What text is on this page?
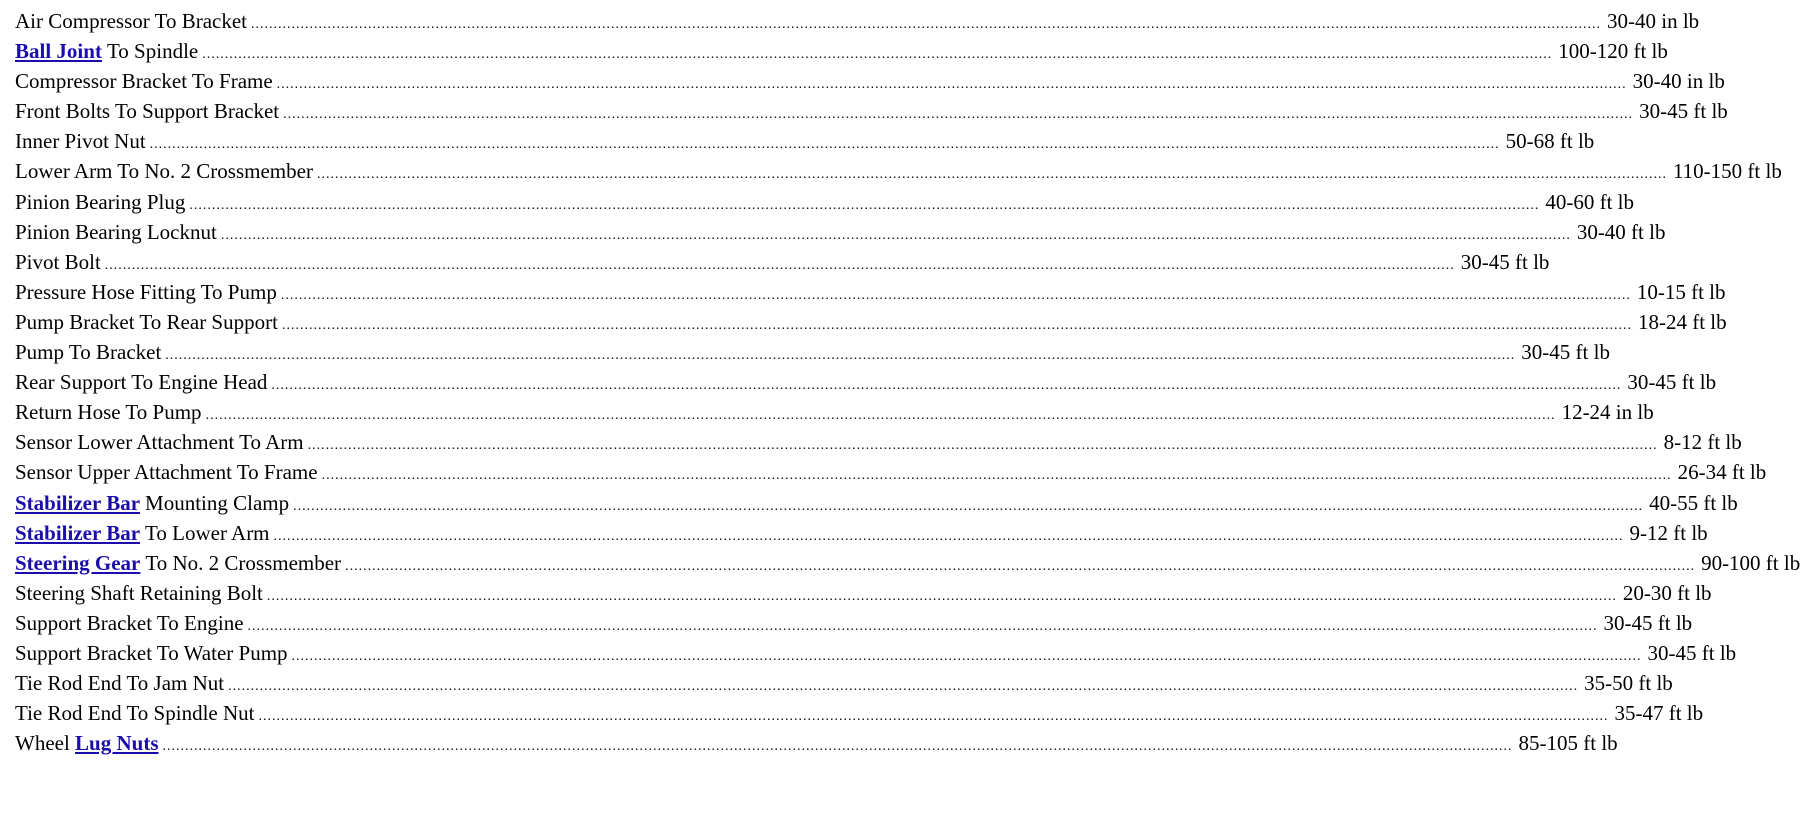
Air Compressor To Bracket ............................................................................................................................................................................................................................................................................................................ 30-40 in lb
Ball Joint To Spindle ............................................................................................................................................................................................................................................................................................................ 100-120 ft lb
Compressor Bracket To Frame ............................................................................................................................................................................................................................................................................................................ 30-40 in lb
Front Bolts To Support Bracket ............................................................................................................................................................................................................................................................................................................ 30-45 ft lb
Inner Pivot Nut ............................................................................................................................................................................................................................................................................................................ 50-68 ft lb
Lower Arm To No. 2 Crossmember ............................................................................................................................................................................................................................................................................................................ 110-150 ft lb
Pinion Bearing Plug ............................................................................................................................................................................................................................................................................................................ 40-60 ft lb
Pinion Bearing Locknut ............................................................................................................................................................................................................................................................................................................ 30-40 ft lb
Pivot Bolt ............................................................................................................................................................................................................................................................................................................ 30-45 ft lb
Pressure Hose Fitting To Pump ............................................................................................................................................................................................................................................................................................................ 10-15 ft lb
Pump Bracket To Rear Support ............................................................................................................................................................................................................................................................................................................ 18-24 ft lb
Pump To Bracket ............................................................................................................................................................................................................................................................................................................ 30-45 ft lb
Rear Support To Engine Head ............................................................................................................................................................................................................................................................................................................ 30-45 ft lb
Return Hose To Pump ............................................................................................................................................................................................................................................................................................................ 12-24 in lb
Sensor Lower Attachment To Arm ............................................................................................................................................................................................................................................................................................................ 8-12 ft lb
Sensor Upper Attachment To Frame ............................................................................................................................................................................................................................................................................................................ 26-34 ft lb
Stabilizer Bar Mounting Clamp ............................................................................................................................................................................................................................................................................................................ 40-55 ft lb
Stabilizer Bar To Lower Arm ............................................................................................................................................................................................................................................................................................................ 9-12 ft lb
Steering Gear To No. 2 Crossmember ............................................................................................................................................................................................................................................................................................................ 90-100 ft lb
Steering Shaft Retaining Bolt ............................................................................................................................................................................................................................................................................................................ 20-30 ft lb
Support Bracket To Engine ............................................................................................................................................................................................................................................................................................................ 30-45 ft lb
Support Bracket To Water Pump ............................................................................................................................................................................................................................................................................................................ 30-45 ft lb
Tie Rod End To Jam Nut ............................................................................................................................................................................................................................................................................................................ 35-50 ft lb
Tie Rod End To Spindle Nut ............................................................................................................................................................................................................................................................................................................ 35-47 ft lb
Wheel Lug Nuts ............................................................................................................................................................................................................................................................................................................ 85-105 ft lb
